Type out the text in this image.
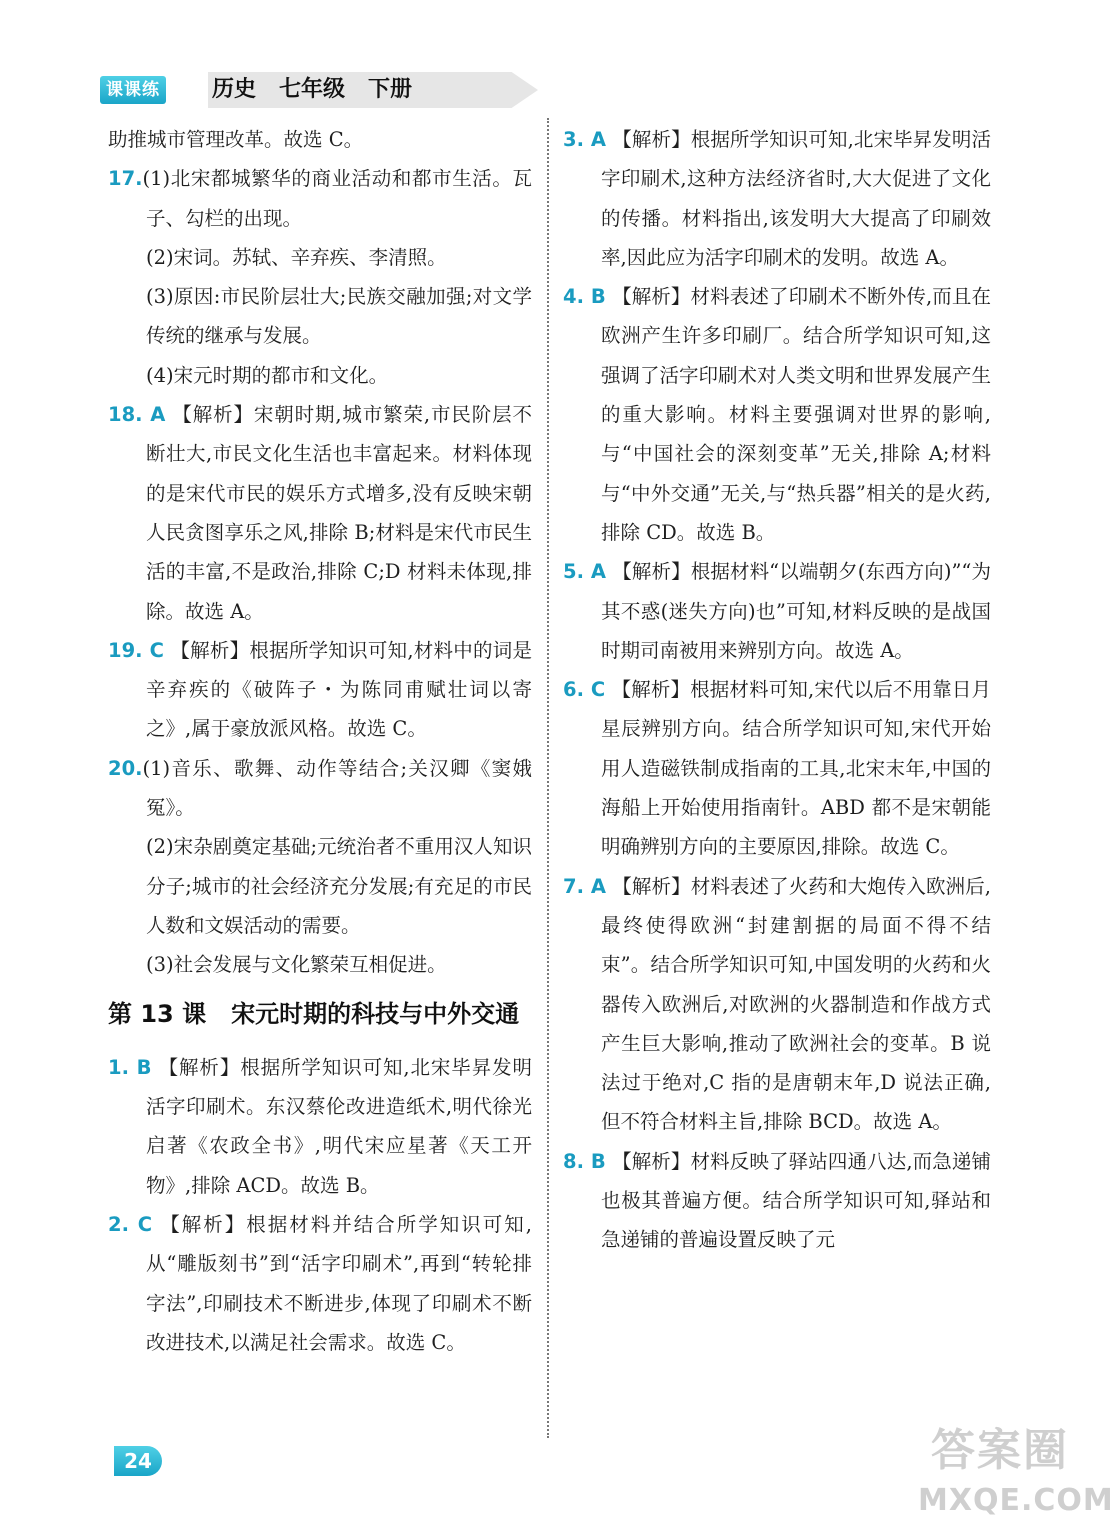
课课练 历史   七年级   下册

助推城市管理改革。故选 C。

17.(1)北宋都城繁华的商业活动和都市生活。瓦子、勾栏的出现。

(2)宋词。苏轼、辛弃疾、李清照。

(3)原因:市民阶层壮大;民族交融加强;对文学传统的继承与发展。

(4)宋元时期的都市和文化。

18. A 【解析】宋朝时期,城市繁荣,市民阶层不断壮大,市民文化生活也丰富起来。材料体现的是宋代市民的娱乐方式增多,没有反映宋朝人民贪图享乐之风,排除 B;材料是宋代市民生活的丰富,不是政治,排除 C;D 材料未体现,排除。故选 A。

19. C 【解析】根据所学知识可知,材料中的词是辛弃疾的《破阵子・为陈同甫赋壮词以寄之》,属于豪放派风格。故选 C。

20.(1)音乐、歌舞、动作等结合;关汉卿《窦娥冤》。

(2)宋杂剧奠定基础;元统治者不重用汉人知识分子;城市的社会经济充分发展;有充足的市民人数和文娱活动的需要。

(3)社会发展与文化繁荣互相促进。

第 13 课   宋元时期的科技与中外交通

1. B 【解析】根据所学知识可知,北宋毕昇发明活字印刷术。东汉蔡伦改进造纸术,明代徐光启著《农政全书》,明代宋应星著《天工开物》,排除 ACD。故选 B。

2. C 【解析】根据材料并结合所学知识可知,从“雕版刻书”到“活字印刷术”,再到“转轮排字法”,印刷技术不断进步,体现了印刷术不断改进技术,以满足社会需求。故选 C。

3. A 【解析】根据所学知识可知,北宋毕昇发明活字印刷术,这种方法经济省时,大大促进了文化的传播。材料指出,该发明大大提高了印刷效率,因此应为活字印刷术的发明。故选 A。

4. B 【解析】材料表述了印刷术不断外传,而且在欧洲产生许多印刷厂。结合所学知识可知,这强调了活字印刷术对人类文明和世界发展产生的重大影响。材料主要强调对世界的影响,与“中国社会的深刻变革”无关,排除 A;材料与“中外交通”无关,与“热兵器”相关的是火药,排除 CD。故选 B。

5. A 【解析】根据材料“以端朝夕(东西方向)”“为其不惑(迷失方向)也”可知,材料反映的是战国时期司南被用来辨别方向。故选 A。

6. C 【解析】根据材料可知,宋代以后不用靠日月星辰辨别方向。结合所学知识可知,宋代开始用人造磁铁制成指南的工具,北宋末年,中国的海船上开始使用指南针。ABD 都不是宋朝能明确辨别方向的主要原因,排除。故选 C。

7. A 【解析】材料表述了火药和大炮传入欧洲后,最终使得欧洲“封建割据的局面不得不结束”。结合所学知识可知,中国发明的火药和火器传入欧洲后,对欧洲的火器制造和作战方式产生巨大影响,推动了欧洲社会的变革。B 说法过于绝对,C 指的是唐朝末年,D 说法正确,但不符合材料主旨,排除 BCD。故选 A。

8. B 【解析】材料反映了驿站四通八达,而急递铺也极其普遍方便。结合所学知识可知,驿站和急递铺的普遍设置反映了元

24	答案圈
MXQE.COM
